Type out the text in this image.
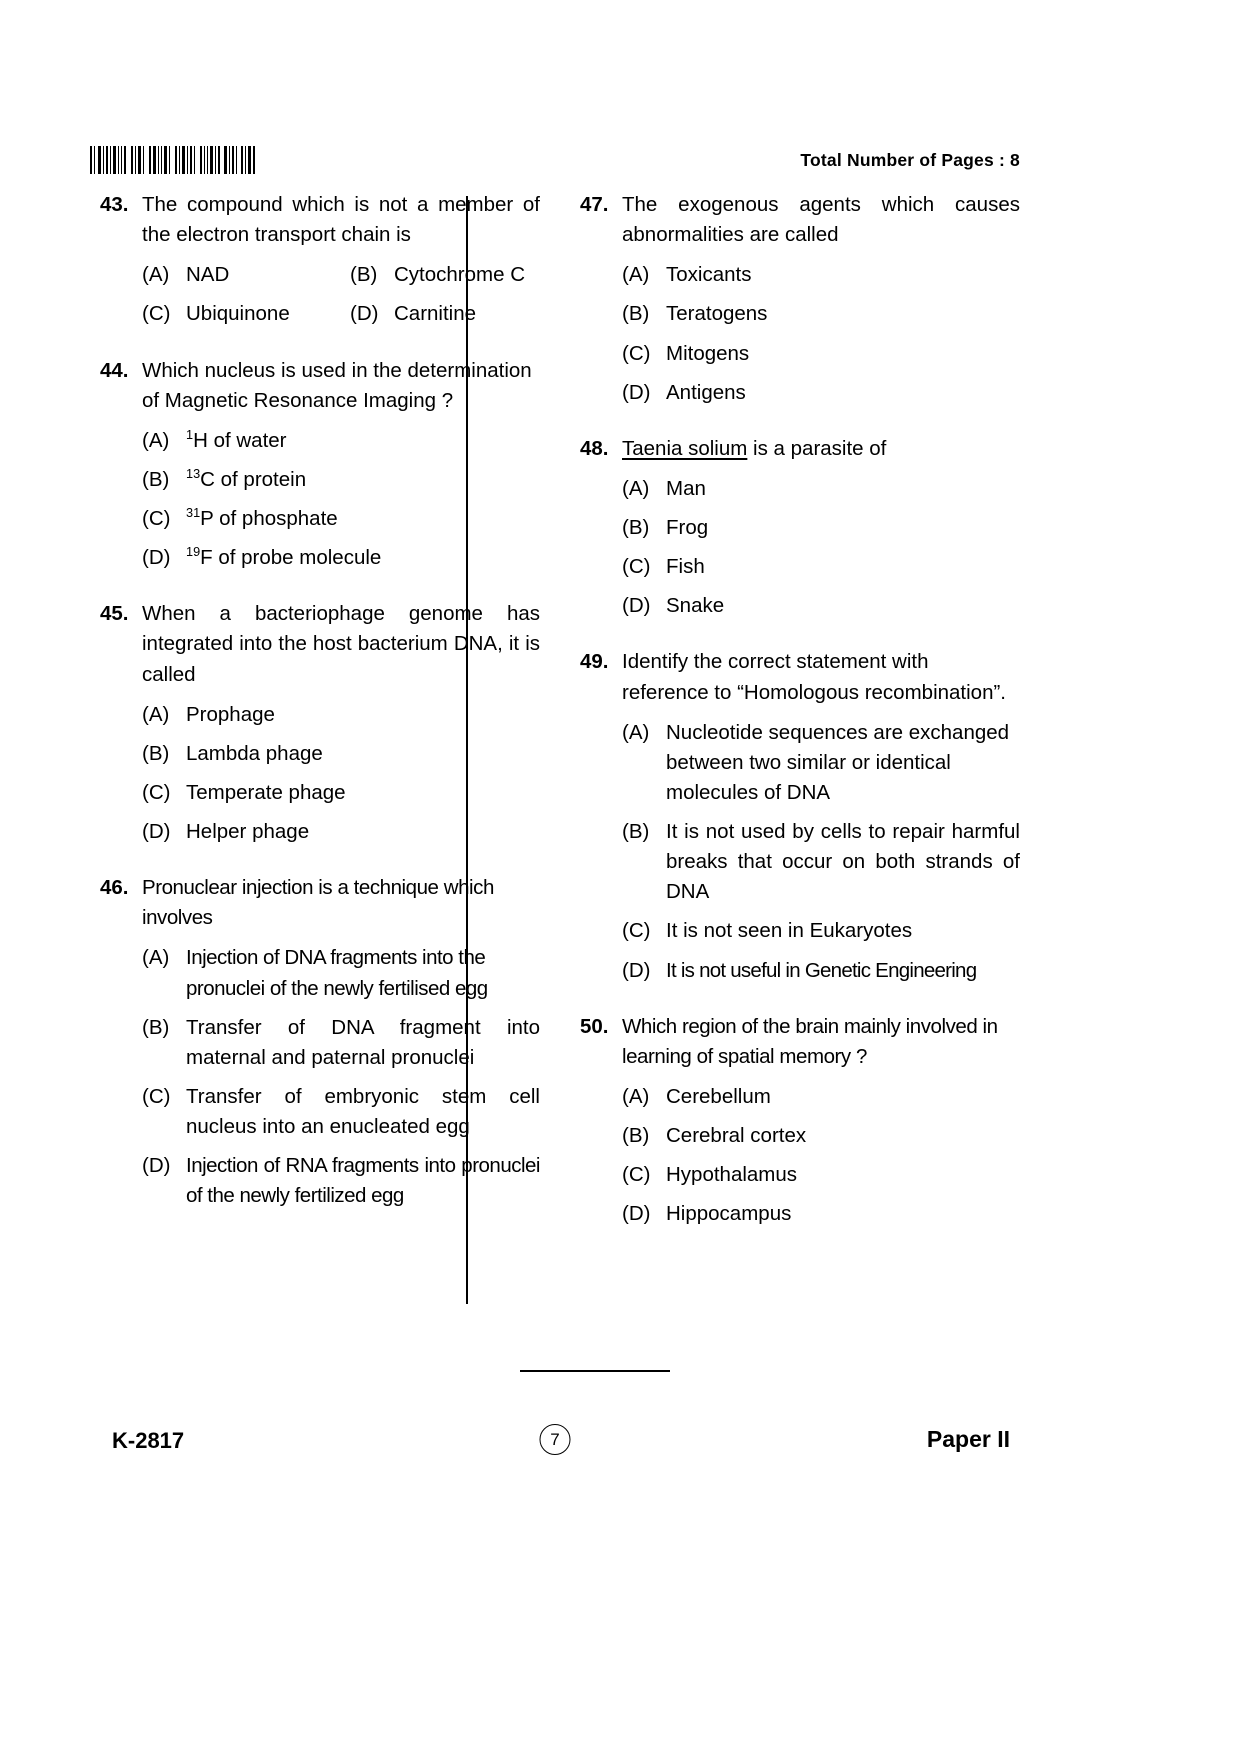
Total Number of Pages : 8
43. The compound which is not a member of the electron transport chain is
(A) NAD	(B) Cytochrome C
(C) Ubiquinone	(D) Carnitine
44. Which nucleus is used in the determination of Magnetic Resonance Imaging ?
(A)	$^1$H of water
(B)	$^{13}$C of protein
(C)	$^{31}$P of phosphate
(D)	$^{19}$F of probe molecule
45. When a bacteriophage genome has integrated into the host bacterium DNA, it is called
(A) Prophage
(B) Lambda phage
(C) Temperate phage
(D) Helper phage
46. Pronuclear injection is a technique which involves
(A) Injection of DNA fragments into the pronuclei of the newly fertilised egg
(B) Transfer of DNA fragment into maternal and paternal pronuclei
(C) Transfer of embryonic stem cell nucleus into an enucleated egg
(D) Injection of RNA fragments into pronuclei of the newly fertilized egg
47. The exogenous agents which causes abnormalities are called
(A) Toxicants
(B) Teratogens
(C) Mitogens
(D) Antigens
48. Taenia solium is a parasite of
(A) Man
(B) Frog
(C) Fish
(D) Snake
49. Identify the correct statement with reference to “Homologous recombination”.
(A) Nucleotide sequences are exchanged between two similar or identical molecules of DNA
(B) It is not used by cells to repair harmful breaks that occur on both strands of DNA
(C) It is not seen in Eukaryotes
(D) It is not useful in Genetic Engineering
50. Which region of the brain mainly involved in learning of spatial memory ?
(A) Cerebellum
(B) Cerebral cortex
(C) Hypothalamus
(D) Hippocampus
K-2817	7	Paper II
